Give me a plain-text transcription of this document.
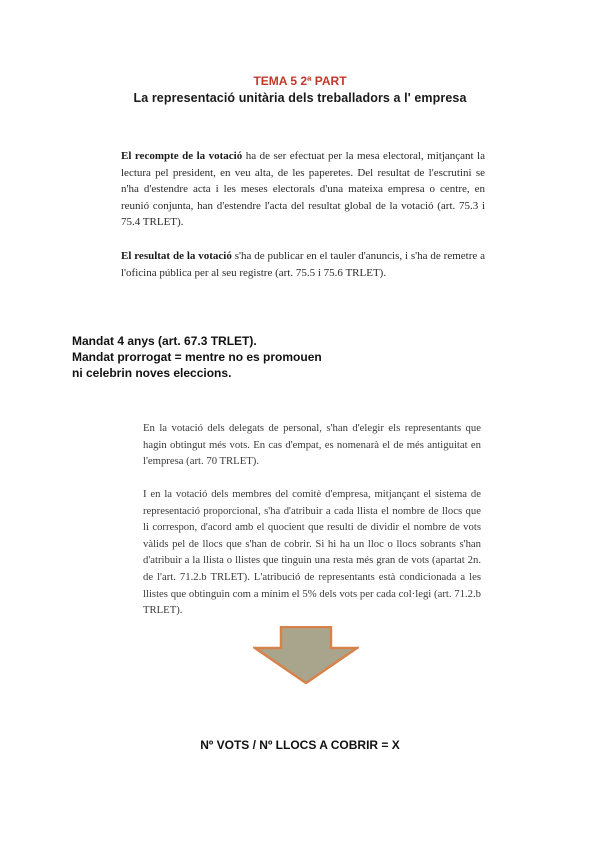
TEMA 5 2ª PART
La representació unitària dels treballadors a l' empresa
El recompte de la votació ha de ser efectuat per la mesa electoral, mitjançant la lectura pel president, en veu alta, de les paperetes. Del resultat de l'escrutini se n'ha d'estendre acta i les meses electorals d'una mateixa empresa o centre, en reunió conjunta, han d'estendre l'acta del resultat global de la votació (art. 75.3 i 75.4 TRLET).
El resultat de la votació s'ha de publicar en el tauler d'anuncis, i s'ha de remetre a l'oficina pública per al seu registre (art. 75.5 i 75.6 TRLET).
Mandat 4 anys (art. 67.3 TRLET).
Mandat prorrogat = mentre no es promouen
ni celebrin noves eleccions.
En la votació dels delegats de personal, s'han d'elegir els representants que hagin obtingut més vots. En cas d'empat, es nomenarà el de més antiguitat en l'empresa (art. 70 TRLET).
I en la votació dels membres del comitè d'empresa, mitjançant el sistema de representació proporcional, s'ha d'atribuir a cada llista el nombre de llocs que li correspon, d'acord amb el quocient que resulti de dividir el nombre de vots vàlids pel de llocs que s'han de cobrir. Si hi ha un lloc o llocs sobrants s'han d'atribuir a la llista o llistes que tinguin una resta més gran de vots (apartat 2n. de l'art. 71.2.b TRLET). L'atribució de representants està condicionada a les llistes que obtinguin com a mínim el 5% dels vots per cada col·legi (art. 71.2.b TRLET).
Nº VOTS / Nº LLOCS A COBRIR = X
